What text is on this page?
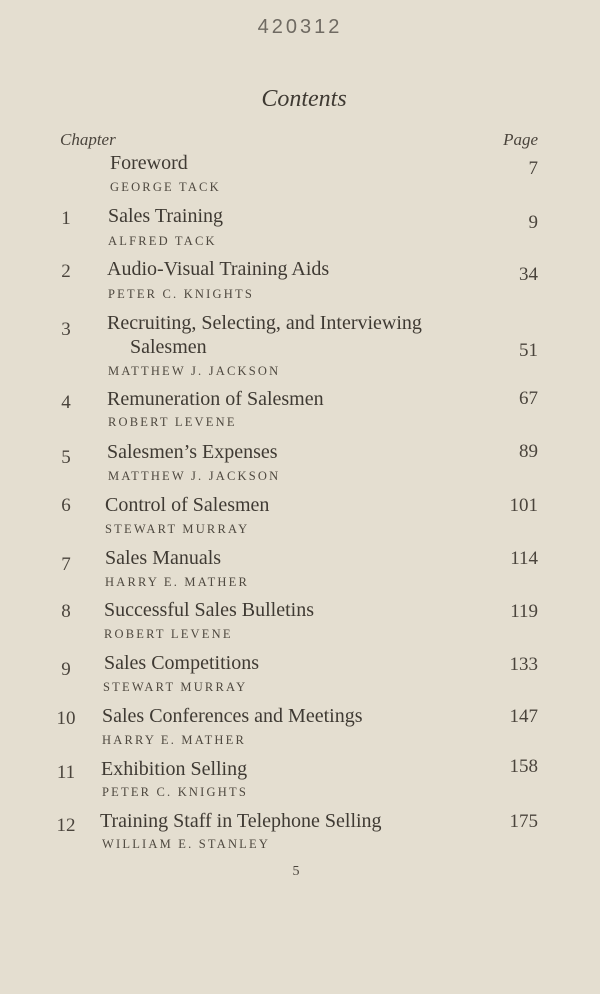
420312
Contents
Chapter	Page
Foreword	7
GEORGE TACK
1	Sales Training	9
ALFRED TACK
2	Audio-Visual Training Aids	34
PETER C. KNIGHTS
3	Recruiting, Selecting, and Interviewing
Salesmen	51
MATTHEW J. JACKSON
4	Remuneration of Salesmen	67
ROBERT LEVENE
5	Salesmen’s Expenses	89
MATTHEW J. JACKSON
6	Control of Salesmen	101
STEWART MURRAY
7	Sales Manuals	114
HARRY E. MATHER
8	Successful Sales Bulletins	119
ROBERT LEVENE
9	Sales Competitions	133
STEWART MURRAY
10	Sales Conferences and Meetings	147
HARRY E. MATHER
11	Exhibition Selling	158
PETER C. KNIGHTS
12	Training Staff in Telephone Selling	175
WILLIAM E. STANLEY
5
